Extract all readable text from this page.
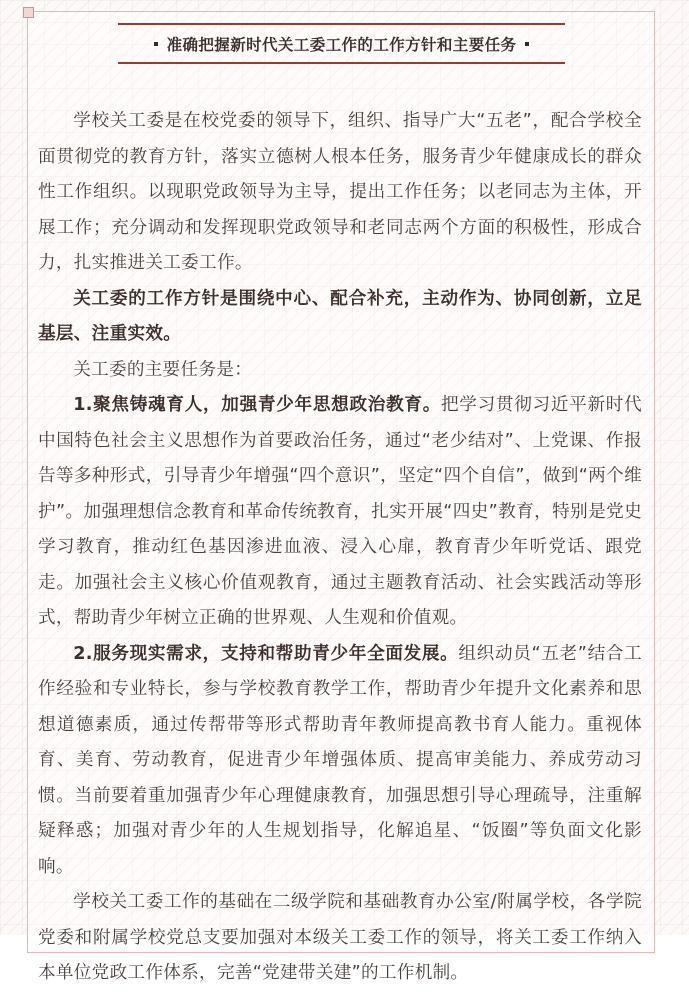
准确把握新时代关工委工作的工作方针和主要任务

学校关工委是在校党委的领导下，组织、指导广大“五老”，配合学校全面贯彻党的教育方针，落实立德树人根本任务，服务青少年健康成长的群众性工作组织。以现职党政领导为主导，提出工作任务；以老同志为主体，开展工作；充分调动和发挥现职党政领导和老同志两个方面的积极性，形成合力，扎实推进关工委工作。

关工委的工作方针是围绕中心、配合补充，主动作为、协同创新，立足基层、注重实效。

关工委的主要任务是：

1.聚焦铸魂育人，加强青少年思想政治教育。把学习贯彻习近平新时代中国特色社会主义思想作为首要政治任务，通过“老少结对”、上党课、作报告等多种形式，引导青少年增强“四个意识”，坚定“四个自信”，做到“两个维护”。加强理想信念教育和革命传统教育，扎实开展“四史”教育，特别是党史学习教育，推动红色基因渗进血液、浸入心扉，教育青少年听党话、跟党走。加强社会主义核心价值观教育，通过主题教育活动、社会实践活动等形式，帮助青少年树立正确的世界观、人生观和价值观。

2.服务现实需求，支持和帮助青少年全面发展。组织动员“五老”结合工作经验和专业特长，参与学校教育教学工作，帮助青少年提升文化素养和思想道德素质，通过传帮带等形式帮助青年教师提高教书育人能力。重视体育、美育、劳动教育，促进青少年增强体质、提高审美能力、养成劳动习惯。当前要着重加强青少年心理健康教育，加强思想引导心理疏导，注重解疑释惑；加强对青少年的人生规划指导，化解追星、“饭圈”等负面文化影响。

学校关工委工作的基础在二级学院和基础教育办公室/附属学校，各学院党委和附属学校党总支要加强对本级关工委工作的领导，将关工委工作纳入本单位党政工作体系，完善“党建带关建”的工作机制。
